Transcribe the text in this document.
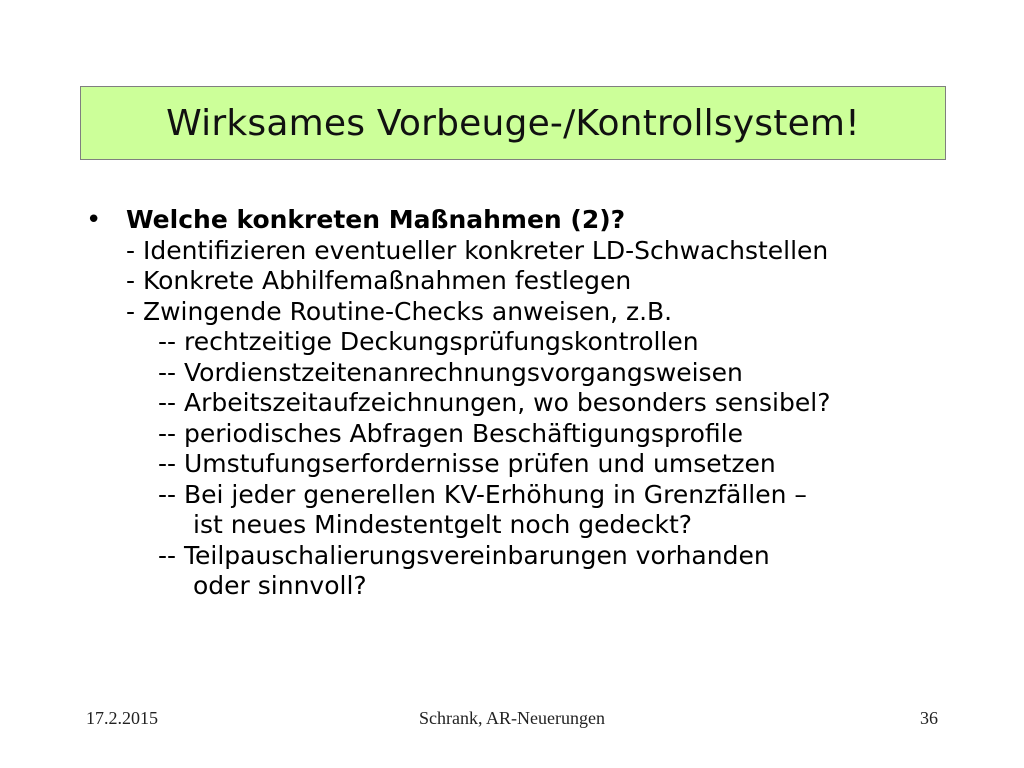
Wirksames Vorbeuge-/Kontrollsystem!
• Welche konkreten Maßnahmen (2)?
- Identifizieren eventueller konkreter LD-Schwachstellen
- Konkrete Abhilfemaßnahmen festlegen
- Zwingende Routine-Checks anweisen, z.B.
-- rechtzeitige Deckungsprüfungskontrollen
-- Vordienstzeitenanrechnungsvorgangsweisen
-- Arbeitszeitaufzeichnungen, wo besonders sensibel?
-- periodisches Abfragen Beschäftigungsprofile
-- Umstufungserfordernisse prüfen und umsetzen
-- Bei jeder generellen KV-Erhöhung in Grenzfällen –
ist neues Mindestentgelt noch gedeckt?
-- Teilpauschalierungsvereinbarungen vorhanden
oder sinnvoll?
17.2.2015	Schrank, AR-Neuerungen	36
